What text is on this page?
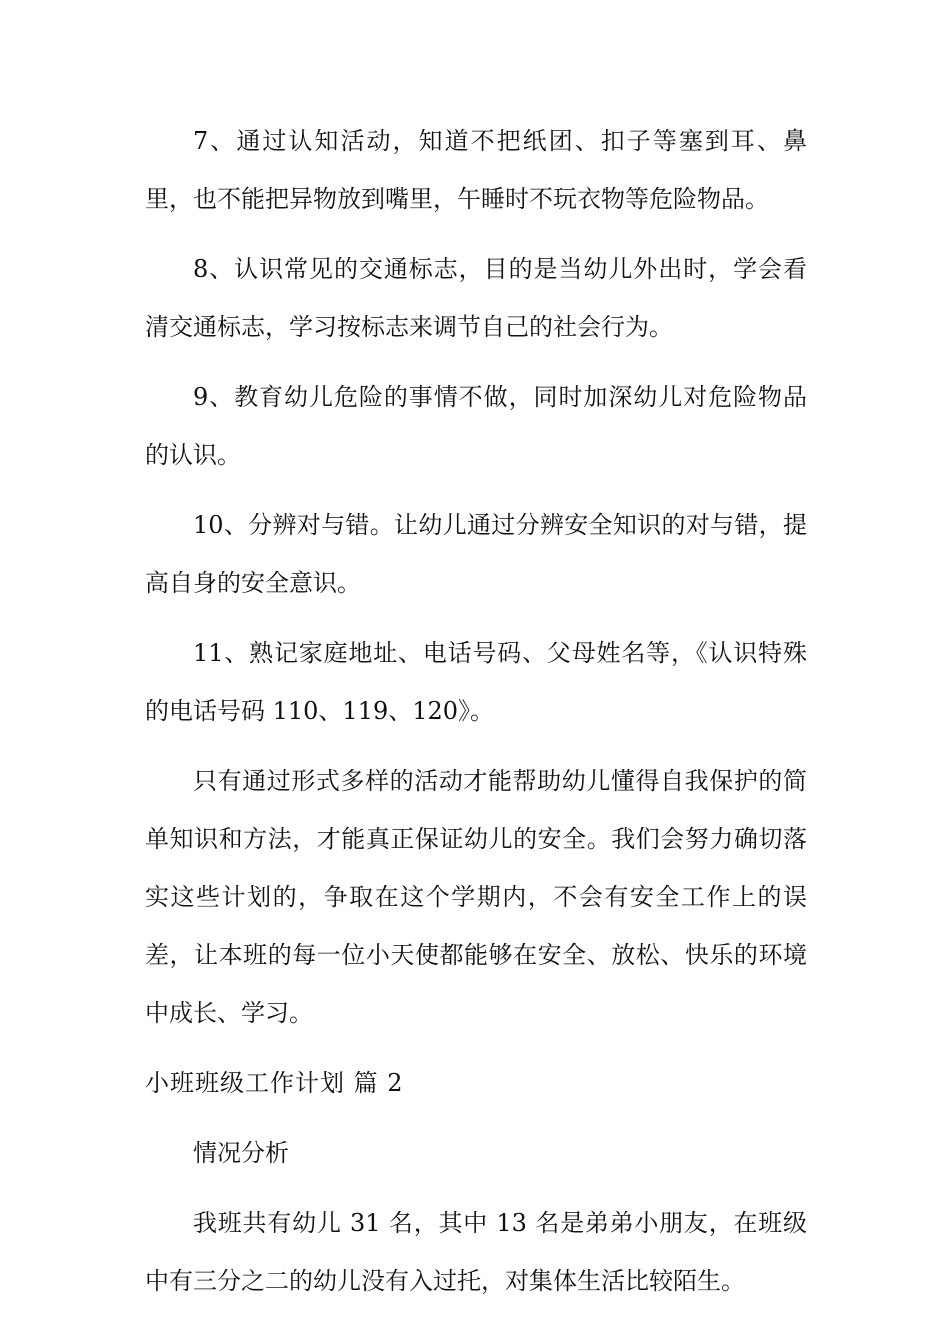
7、通过认知活动，知道不把纸团、扣子等塞到耳、鼻里，也不能把异物放到嘴里，午睡时不玩衣物等危险物品。

8、认识常见的交通标志，目的是当幼儿外出时，学会看清交通标志，学习按标志来调节自己的社会行为。

9、教育幼儿危险的事情不做，同时加深幼儿对危险物品的认识。

10、分辨对与错。让幼儿通过分辨安全知识的对与错，提高自身的安全意识。

11、熟记家庭地址、电话号码、父母姓名等，《认识特殊的电话号码 110、119、120》。

只有通过形式多样的活动才能帮助幼儿懂得自我保护的简单知识和方法，才能真正保证幼儿的安全。我们会努力确切落实这些计划的，争取在这个学期内，不会有安全工作上的误差，让本班的每一位小天使都能够在安全、放松、快乐的环境中成长、学习。

小班班级工作计划 篇 2

情况分析

我班共有幼儿 31 名，其中 13 名是弟弟小朋友，在班级中有三分之二的幼儿没有入过托，对集体生活比较陌生。
